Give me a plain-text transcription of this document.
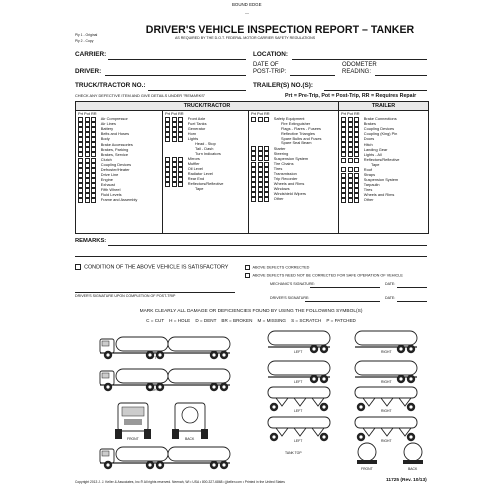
BOUND EDGE
—
Ply 1 - Original
Ply 2 - Copy
DRIVER'S VEHICLE INSPECTION REPORT – TANKER
AS REQUIRED BY THE D.O.T. FEDERAL MOTOR CARRIER SAFETY REGULATIONS
CARRIER:	LOCATION:
DATE OF
POST-TRIP:
ODOMETER
READING:
DRIVER:
TRUCK/TRACTOR NO.:	TRAILER(S) NO.(S):
CHECK ANY DEFECTIVE ITEM AND GIVE DETAILS UNDER "REMARKS"	Prt = Pre-Trip, Pot = Post-Trip, RR = Requires Repair
TRUCK/TRACTOR	TRAILER
Prt Pot RR
Air Compressor
Air Lines
Battery
Belts and Hoses
Body
Brake Accessories
Brakes, Parking
Brakes, Service
Clutch
Coupling Devices
Defroster/Heater
Drive Line
Engine
Exhaust
Fifth Wheel
Fluid Levels
Frame and Assembly
Prt Pot RR
Front Axle
Fuel Tanks
Generator
Horn
Lights
Head - Stop
Tail - Dash
Turn Indicators
Mirrors
Muffler
Oil Level
Radiator Level
Rear End
Reflectors/Reflective
Tape
Prt Pot RR
Safety Equipment
Fire Extinguisher
Flags - Flares - Fusees
Reflective Triangles
Spare Bulbs and Fuses
Spare Seal Beam
Starter
Steering
Suspension System
Tire Chains
Tires
Transmission
Trip Recorder
Wheels and Rims
Windows
Windshield Wipers
Other
Prt Pot RR
Brake Connections
Brakes
Coupling Devices
Coupling (King) Pin
Doors
Hitch
Landing Gear
Lights - All
Reflectors/Reflective
Tape
Roof
Straps
Suspension System
Tarpaulin
Tires
Wheels and Rims
Other
REMARKS:
CONDITION OF THE ABOVE VEHICLE IS SATISFACTORY	ABOVE DEFECTS CORRECTED
ABOVE DEFECTS NEED NOT BE CORRECTED FOR SAFE OPERATION OF VEHICLE
DRIVER'S SIGNATURE UPON COMPLETION OF POST-TRIP
MECHANIC'S SIGNATURE:	DATE:
DRIVER'S SIGNATURE:	DATE:
MARK CLEARLY ALL DAMAGE OR DEFICIENCIES FOUND BY USING THE FOLLOWING SYMBOL(S)
C = CUT    H = HOLE    D = DENT    BR = BROKEN    M = MISSING    S = SCRATCH    P = PATCHED
LEFT
RIGHT
FRONT	BACK
TANK TOP
LEFT	RIGHT
LEFT	RIGHT
LEFT	RIGHT
LEFT	RIGHT
FRONT	BACK
Copyright 2013 J. J. Keller & Associates, Inc.® All rights reserved. Neenah, WI • USA • 800-327-6868 • jjkeller.com • Printed in the United States	11725 (Rev. 10/13)
